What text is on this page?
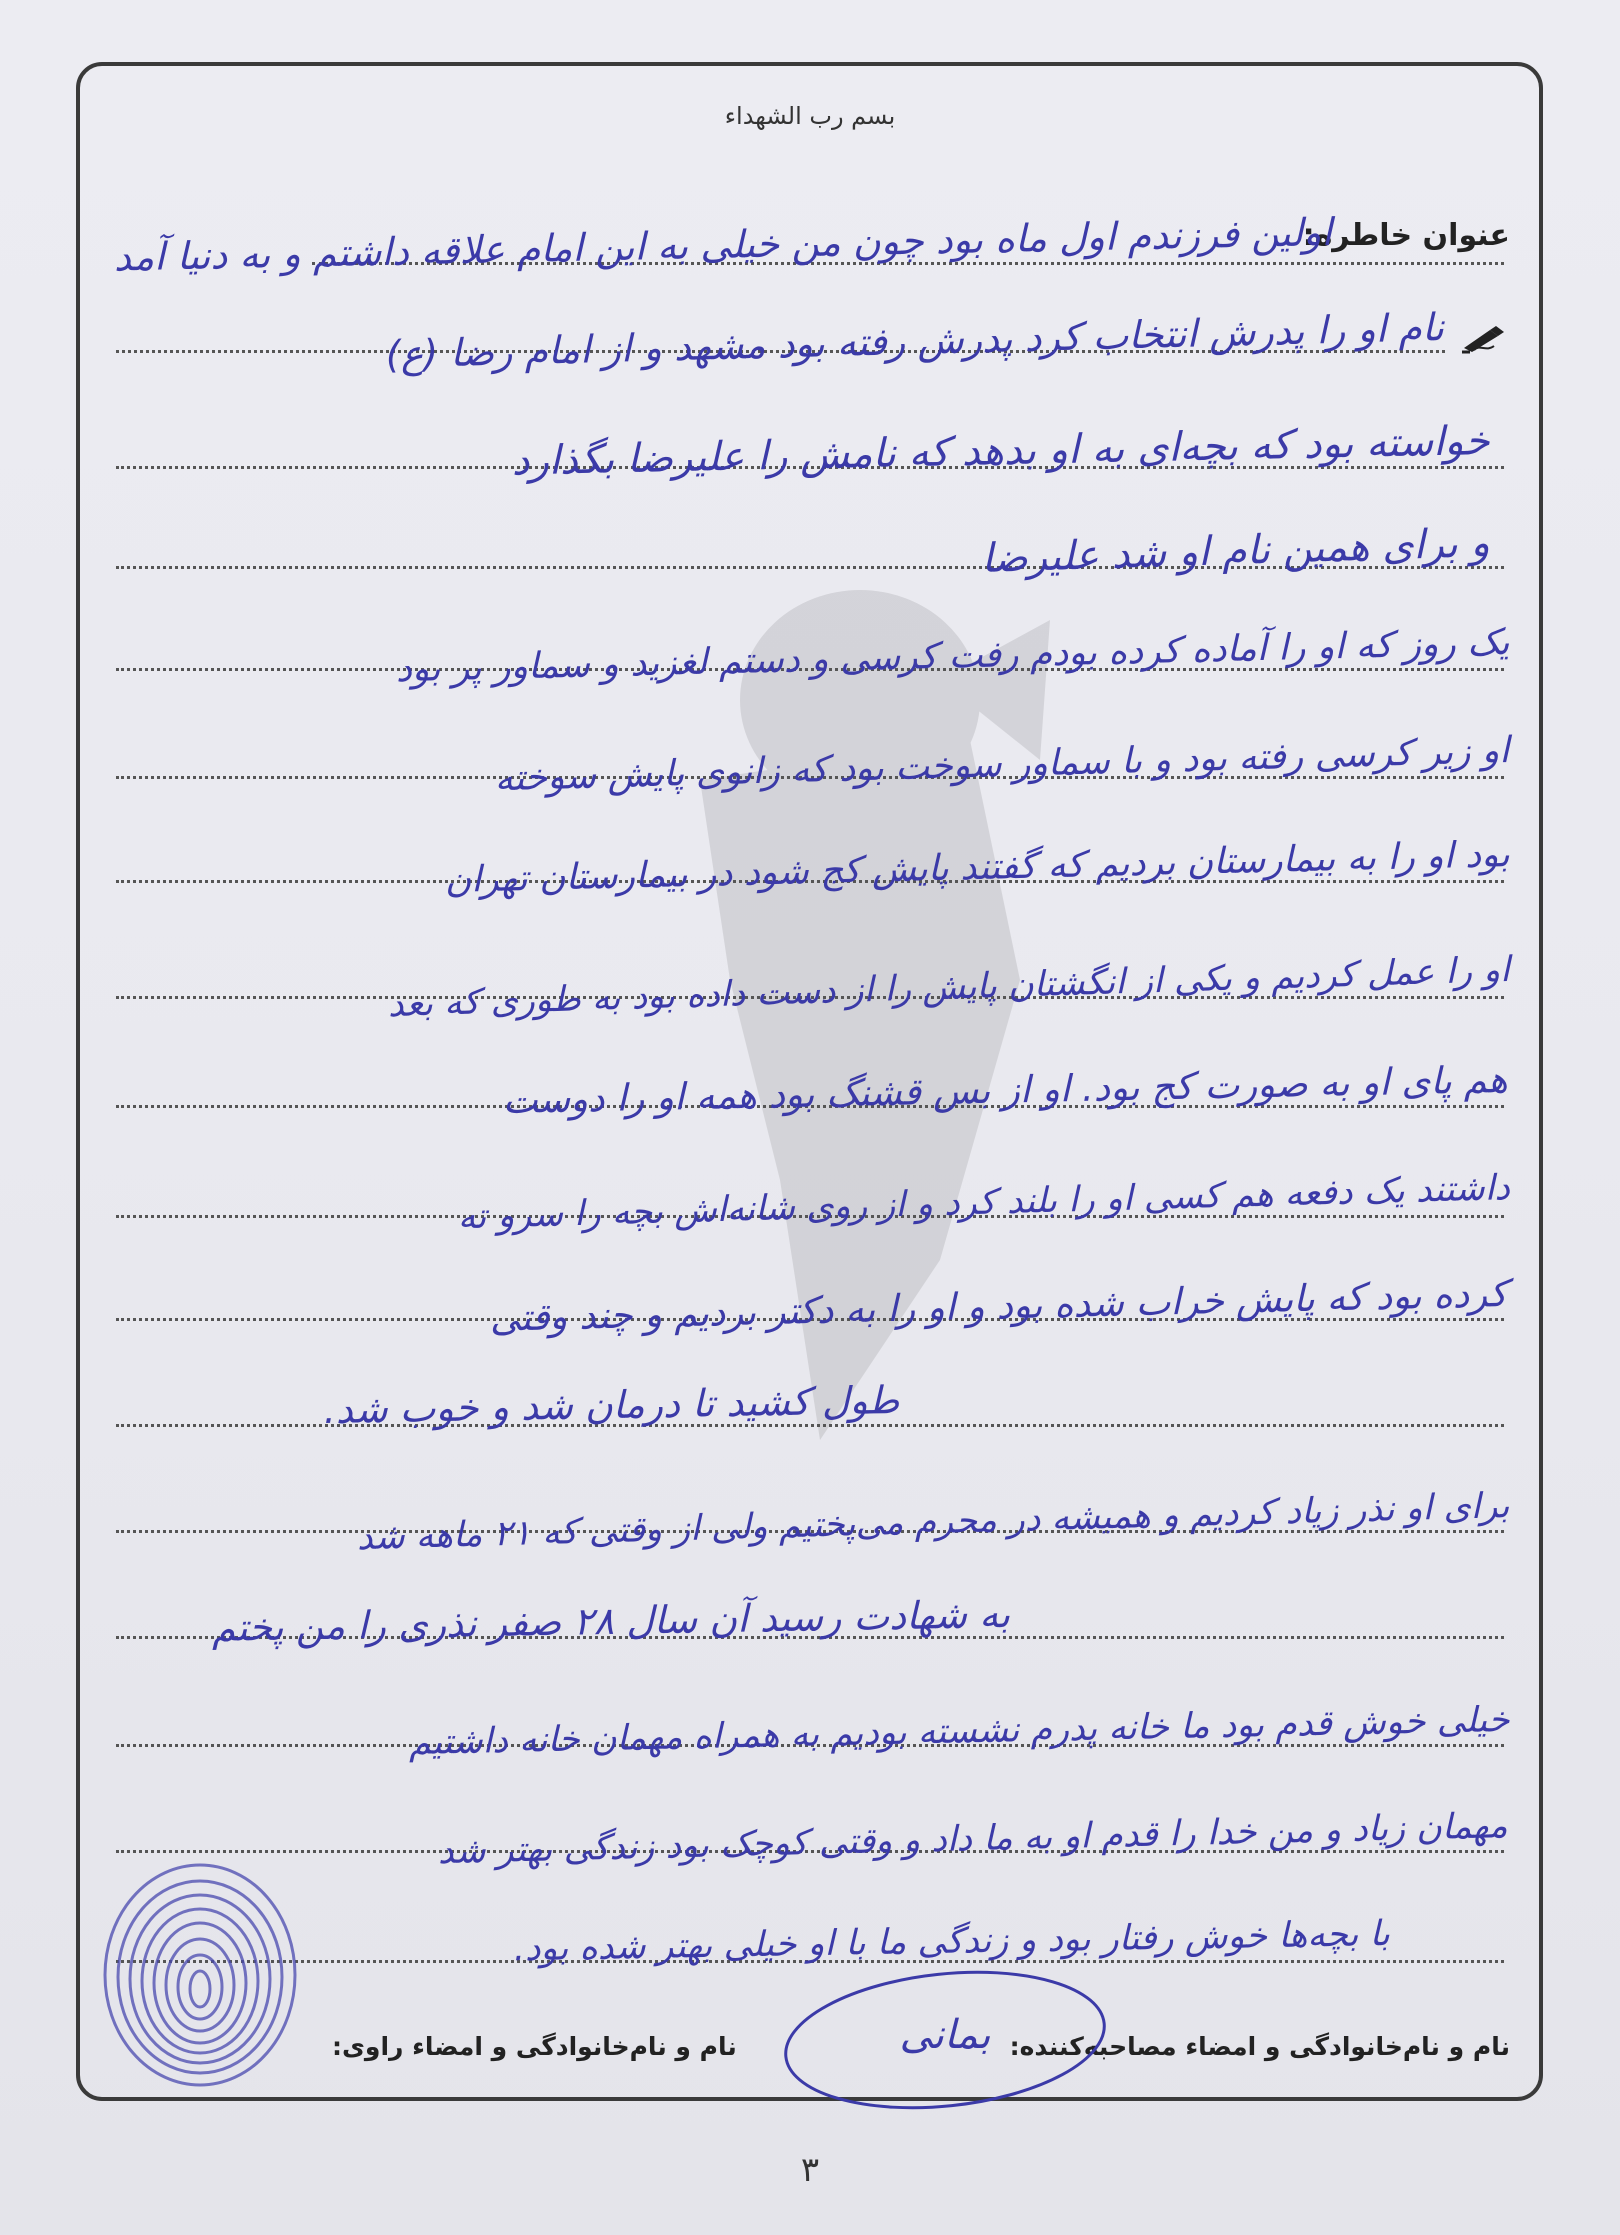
بسم رب الشهداء
عنوان خاطره:
اولین فرزندم اول ماه بود چون من خیلی به این امام علاقه داشتم و به دنیا آمد
نام او را پدرش انتخاب کرد پدرش رفته بود مشهد و از امام رضا (ع)
خواسته بود که بچه‌ای به او بدهد که نامش را علیرضا بگذارد
و برای همین نام او شد علیرضا
یک روز که او را آماده کرده بودم رفت کرسی و دستم لغزید و سماور پر بود
او زیر کرسی رفته بود و با سماور سوخت بود که زانوی پایش سوخته
بود او را به بیمارستان بردیم که گفتند پایش کج شود در بیمارستان تهران
او را عمل کردیم و یکی از انگشتان پایش را از دست داده بود به طوری که بعد
هم پای او به صورت کج بود. او از بس قشنگ بود همه او را دوست
داشتند یک دفعه هم کسی او را بلند کرد و از روی شانه‌اش بچه را سرو ته
کرده بود که پایش خراب شده بود و او را به دکتر بردیم و چند وقتی
طول کشید تا درمان شد و خوب شد.
برای او نذر زیاد کردیم و همیشه در محرم می‌پختیم ولی از وقتی که ۲۱ ماهه شد
به شهادت رسید آن سال ۲۸ صفر نذری را من پختم
خیلی خوش قدم بود ما خانه پدرم نشسته بودیم به همراه مهمان خانه داشتیم
مهمان زیاد و من خدا را قدم او به ما داد و وقتی کوچک بود زندگی بهتر شد
با بچه‌ها خوش رفتار بود و زندگی ما با او خیلی بهتر شده بود.
نام و نام‌خانوادگی و امضاء راوی:	نام و نام‌خانوادگی و امضاء مصاحبه‌کننده:
بمانی
۳
